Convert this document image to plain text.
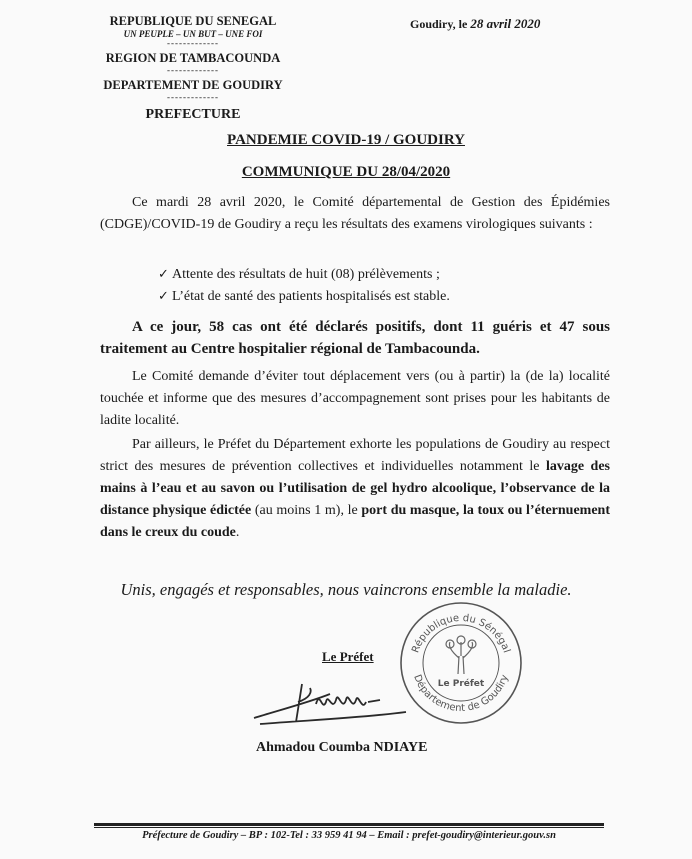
REPUBLIQUE DU SENEGAL
UN PEUPLE – UN BUT – UNE FOI
-------------
REGION DE TAMBACOUNDA
-------------
DEPARTEMENT DE GOUDIRY
-------------
PREFECTURE
Goudiry, le 28 avril 2020
PANDEMIE COVID-19 / GOUDIRY
COMMUNIQUE DU 28/04/2020
Ce mardi 28 avril 2020, le Comité départemental de Gestion des Épidémies (CDGE)/COVID-19 de Goudiry a reçu les résultats des examens virologiques suivants :
✓ Attente des résultats de huit (08) prélèvements ;
✓ L’état de santé des patients hospitalisés est stable.
A ce jour, 58 cas ont été déclarés positifs, dont 11 guéris et 47 sous traitement au Centre hospitalier régional de Tambacounda.
Le Comité demande d’éviter tout déplacement vers (ou à partir) la (de la) localité touchée et informe que des mesures d’accompagnement sont prises pour les habitants de ladite localité.
Par ailleurs, le Préfet du Département exhorte les populations de Goudiry au respect strict des mesures de prévention collectives et individuelles notamment le lavage des mains à l’eau et au savon ou l’utilisation de gel hydro alcoolique, l’observance de la distance physique édictée (au moins 1 m), le port du masque, la toux ou l’éternuement dans le creux du coude.
Unis, engagés et responsables, nous vaincrons ensemble la maladie.
Le Préfet	République du Sénégal
Département de Goudiry
Le Préfet
Ahmadou Coumba NDIAYE
Préfecture de Goudiry – BP : 102-Tel : 33 959 41 94 – Email : prefet-goudiry@interieur.gouv.sn
